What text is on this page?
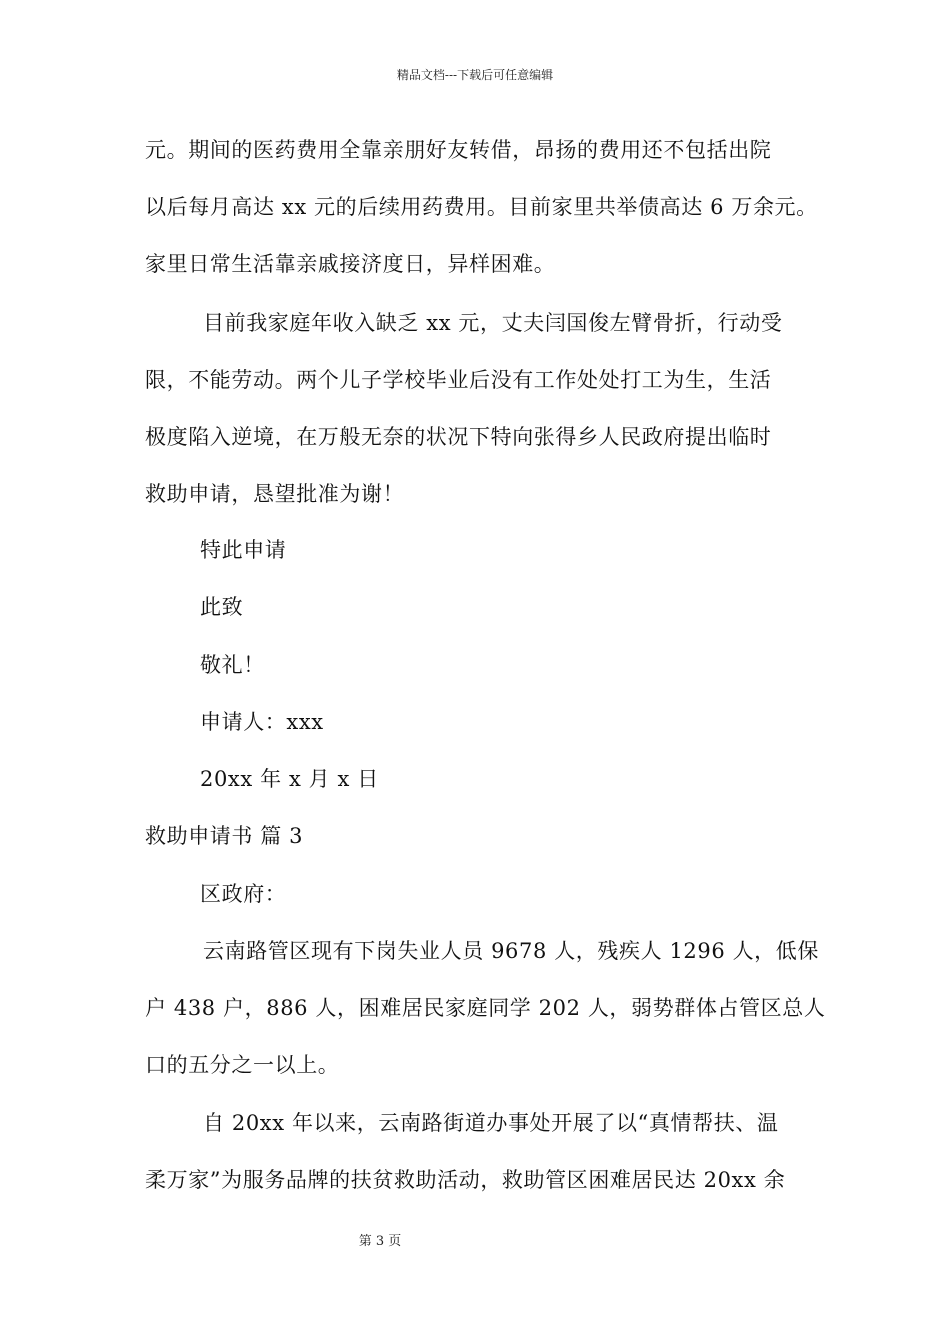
精品文档---下载后可任意编辑
元。期间的医药费用全靠亲朋好友转借，昂扬的费用还不包括出院
以后每月高达 xx 元的后续用药费用。目前家里共举债高达 6 万余元。
家里日常生活靠亲戚接济度日，异样困难。
目前我家庭年收入缺乏 xx 元，丈夫闫国俊左臂骨折，行动受
限，不能劳动。两个儿子学校毕业后没有工作处处打工为生，生活
极度陷入逆境，在万般无奈的状况下特向张得乡人民政府提出临时
救助申请，恳望批准为谢！
特此申请
此致
敬礼！
申请人：xxx
20xx 年 x 月 x 日
救助申请书 篇 3
区政府：
云南路管区现有下岗失业人员 9678 人，残疾人 1296 人，低保
户 438 户，886 人，困难居民家庭同学 202 人，弱势群体占管区总人
口的五分之一以上。
自 20xx 年以来，云南路街道办事处开展了以“真情帮扶、温
柔万家”为服务品牌的扶贫救助活动，救助管区困难居民达 20xx 余
第 3 页
